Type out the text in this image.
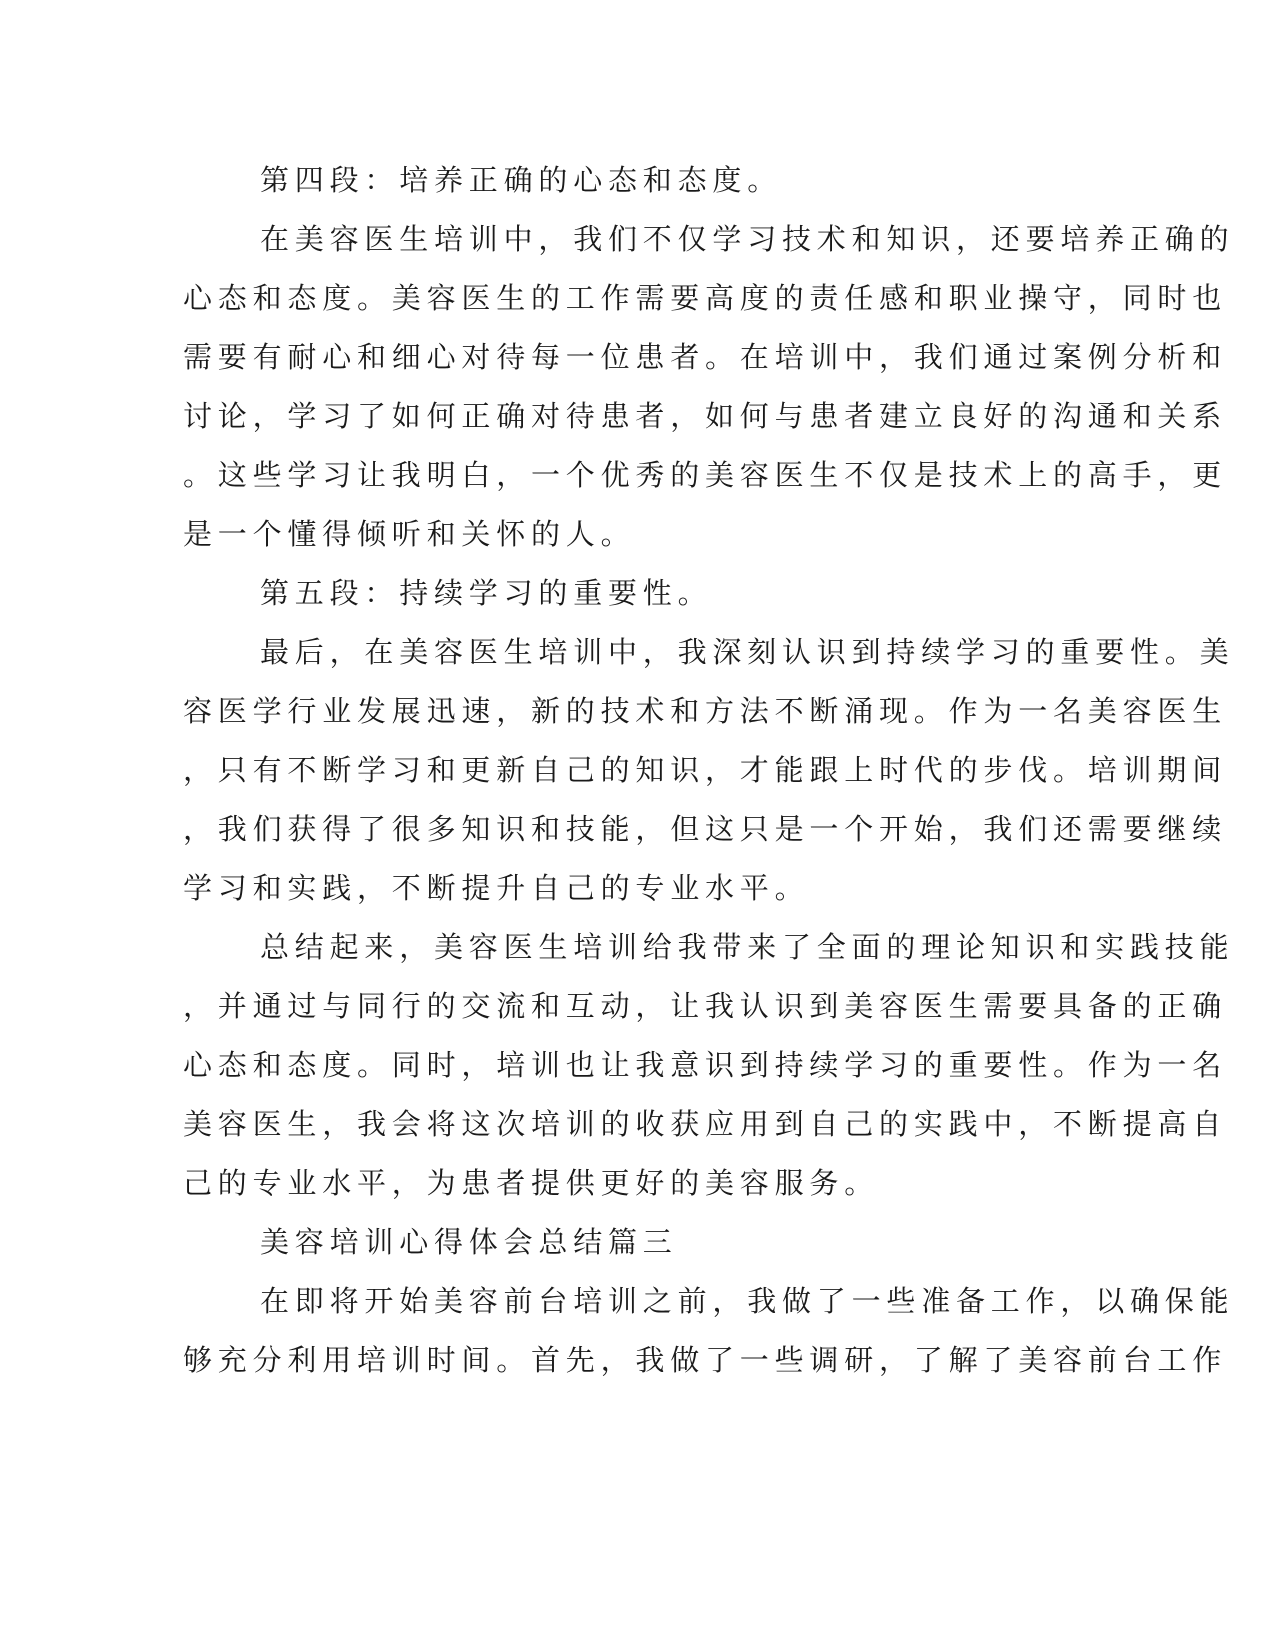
第四段：培养正确的心态和态度。
在美容医生培训中，我们不仅学习技术和知识，还要培养正确的
心态和态度。美容医生的工作需要高度的责任感和职业操守，同时也
需要有耐心和细心对待每一位患者。在培训中，我们通过案例分析和
讨论，学习了如何正确对待患者，如何与患者建立良好的沟通和关系
。这些学习让我明白，一个优秀的美容医生不仅是技术上的高手，更
是一个懂得倾听和关怀的人。
第五段：持续学习的重要性。
最后，在美容医生培训中，我深刻认识到持续学习的重要性。美
容医学行业发展迅速，新的技术和方法不断涌现。作为一名美容医生
，只有不断学习和更新自己的知识，才能跟上时代的步伐。培训期间
，我们获得了很多知识和技能，但这只是一个开始，我们还需要继续
学习和实践，不断提升自己的专业水平。
总结起来，美容医生培训给我带来了全面的理论知识和实践技能
，并通过与同行的交流和互动，让我认识到美容医生需要具备的正确
心态和态度。同时，培训也让我意识到持续学习的重要性。作为一名
美容医生，我会将这次培训的收获应用到自己的实践中，不断提高自
己的专业水平，为患者提供更好的美容服务。
美容培训心得体会总结篇三
在即将开始美容前台培训之前，我做了一些准备工作，以确保能
够充分利用培训时间。首先，我做了一些调研，了解了美容前台工作
